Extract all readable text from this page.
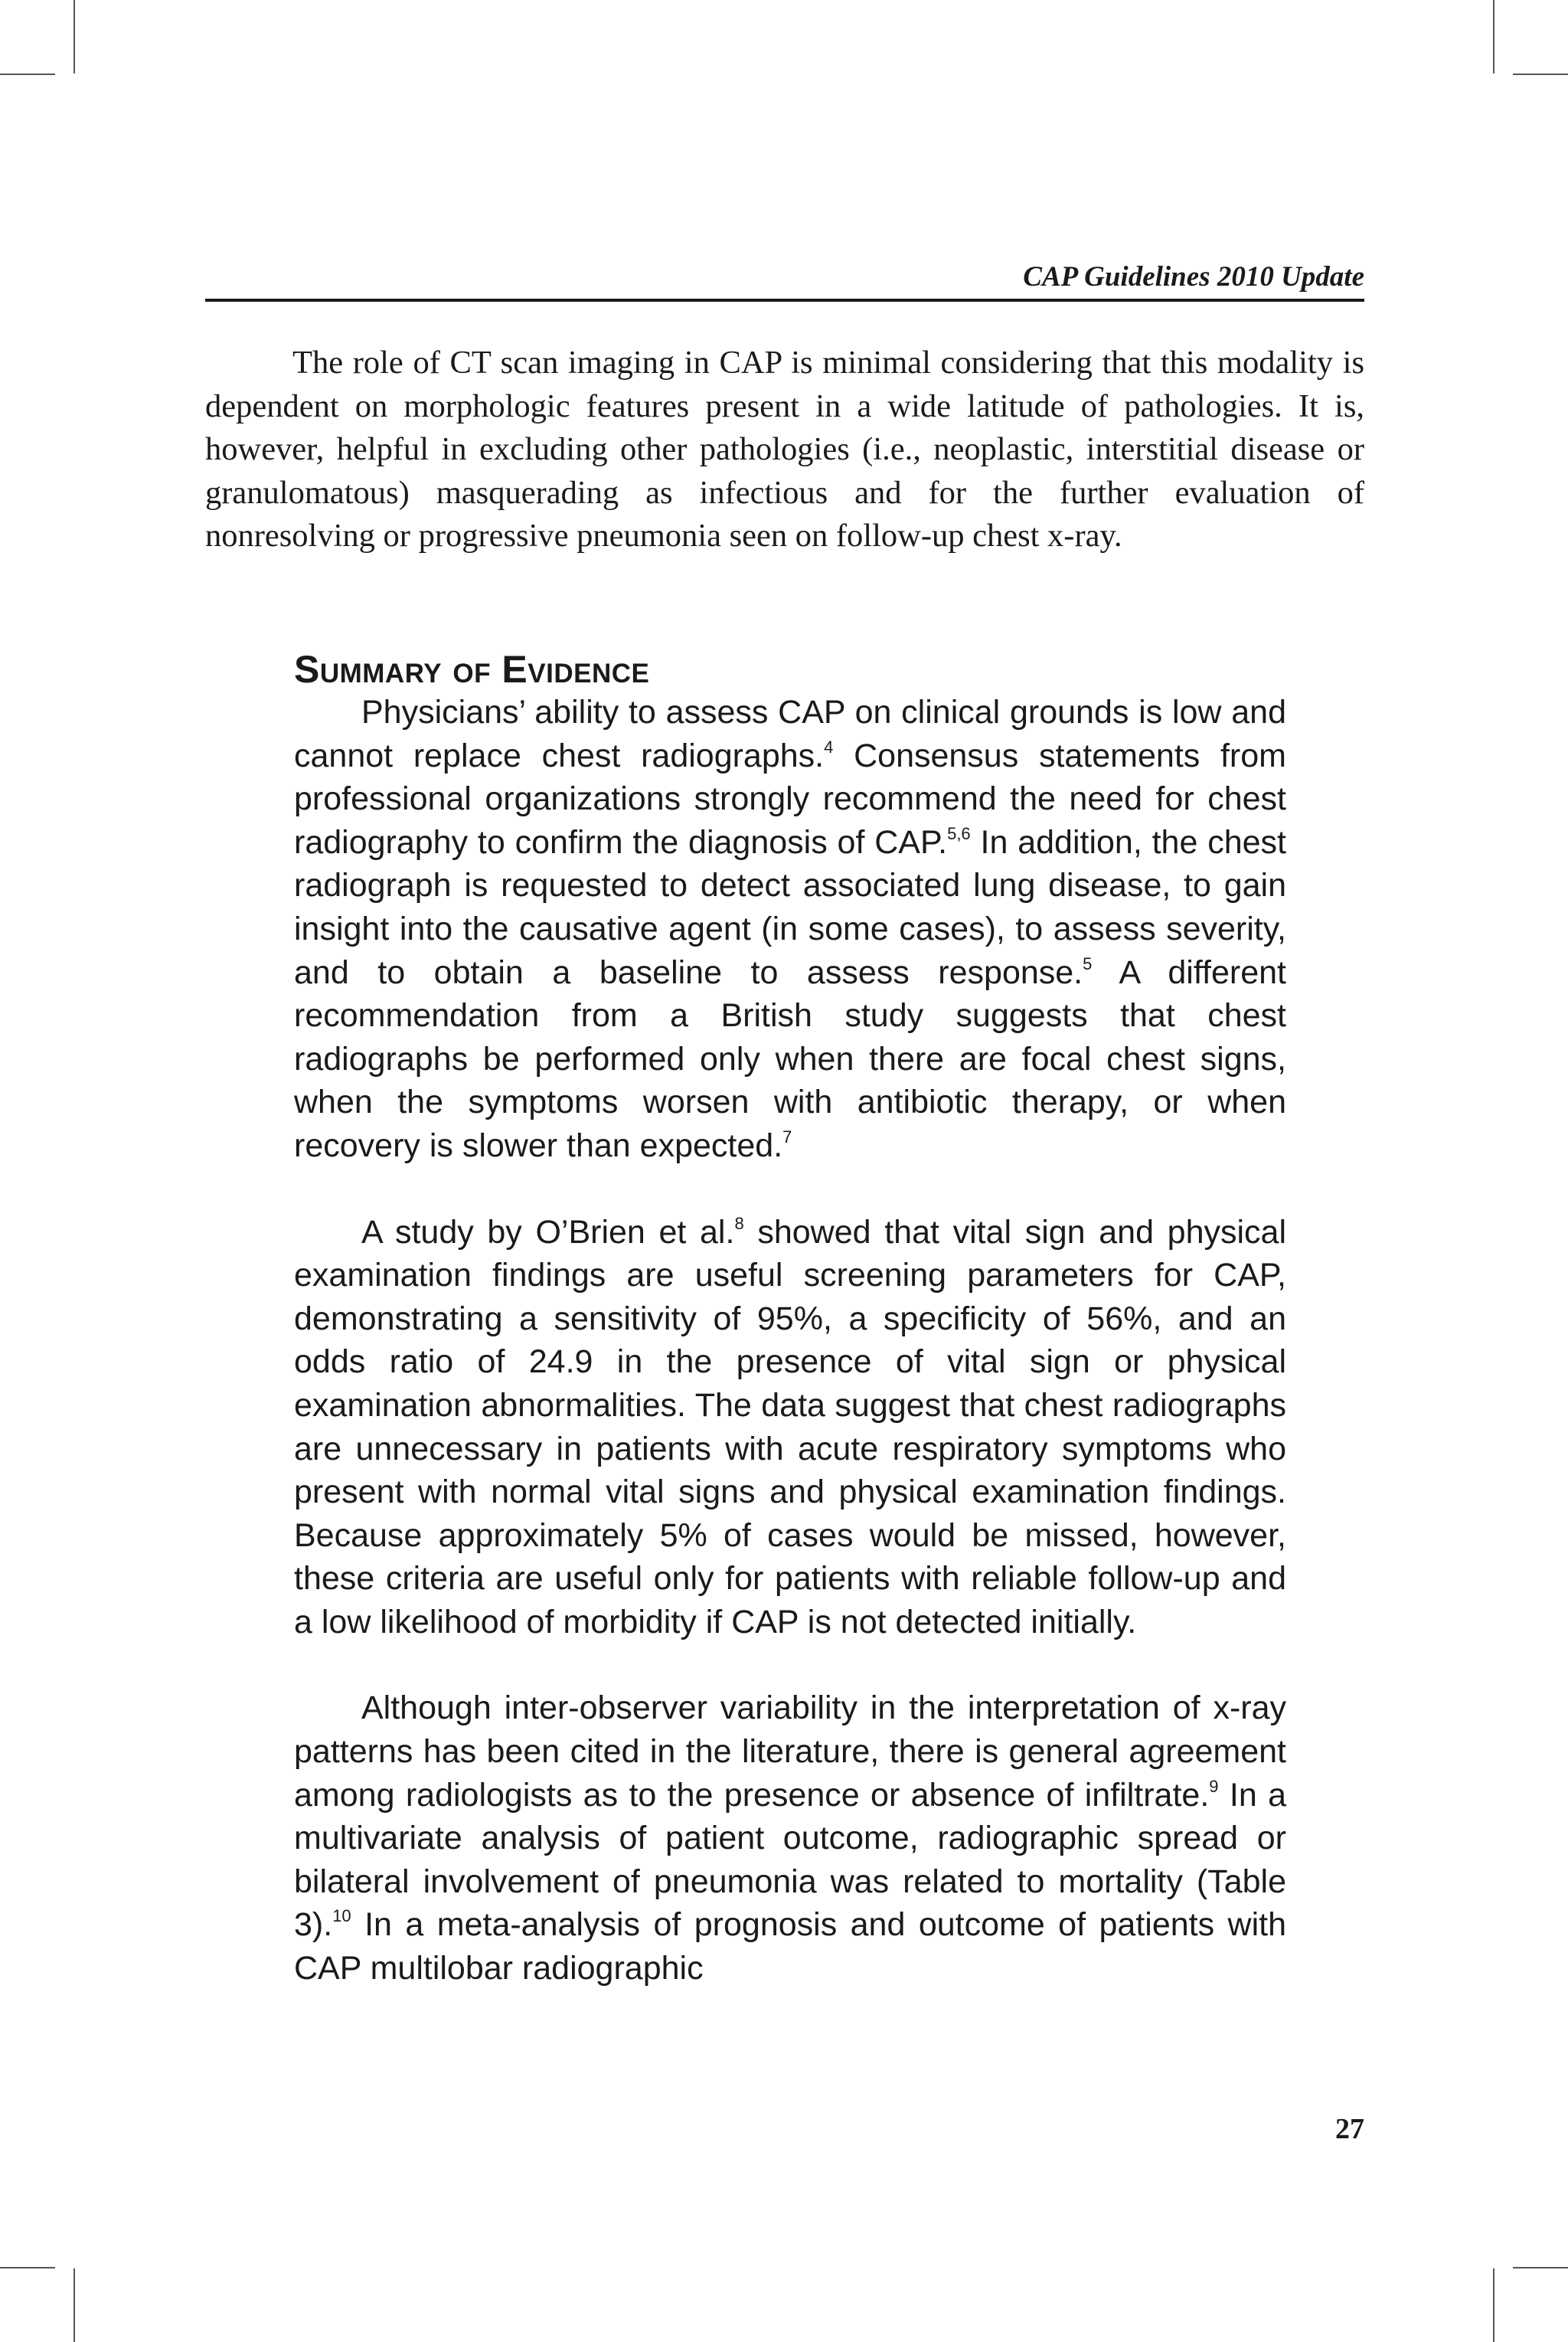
CAP Guidelines 2010 Update

The role of CT scan imaging in CAP is minimal considering that this modality is dependent on morphologic features present in a wide latitude of pathologies. It is, however, helpful in excluding other pathologies (i.e., neoplastic, interstitial disease or granulomatous) masquerading as infectious and for the further evaluation of nonresolving or progressive pneumonia seen on follow-up chest x-ray.

Summary of Evidence

Physicians’ ability to assess CAP on clinical grounds is low and cannot replace chest radiographs.$^4$ Consensus statements from professional organizations strongly recommend the need for chest radiography to confirm the diagnosis of CAP.$^{5,6}$ In addition, the chest radiograph is requested to detect associated lung disease, to gain insight into the causative agent (in some cases), to assess severity, and to obtain a baseline to assess response.$^5$ A different recommendation from a British study suggests that chest radiographs be performed only when there are focal chest signs, when the symptoms worsen with antibiotic therapy, or when recovery is slower than expected.$^7$

A study by O’Brien et al.$^8$ showed that vital sign and physical examination findings are useful screening parameters for CAP, demonstrating a sensitivity of 95%, a specificity of 56%, and an odds ratio of 24.9 in the presence of vital sign or physical examination abnormalities. The data suggest that chest radiographs are unnecessary in patients with acute respiratory symptoms who present with normal vital signs and physical examination findings. Because approximately 5% of cases would be missed, however, these criteria are useful only for patients with reliable follow-up and a low likelihood of morbidity if CAP is not detected initially.

Although inter-observer variability in the interpretation of x-ray patterns has been cited in the literature, there is general agreement among radiologists as to the presence or absence of infiltrate.$^9$ In a multivariate analysis of patient outcome, radiographic spread or bilateral involvement of pneumonia was related to mortality (Table 3).$^{10}$ In a meta-analysis of prognosis and outcome of patients with CAP multilobar radiographic

27
